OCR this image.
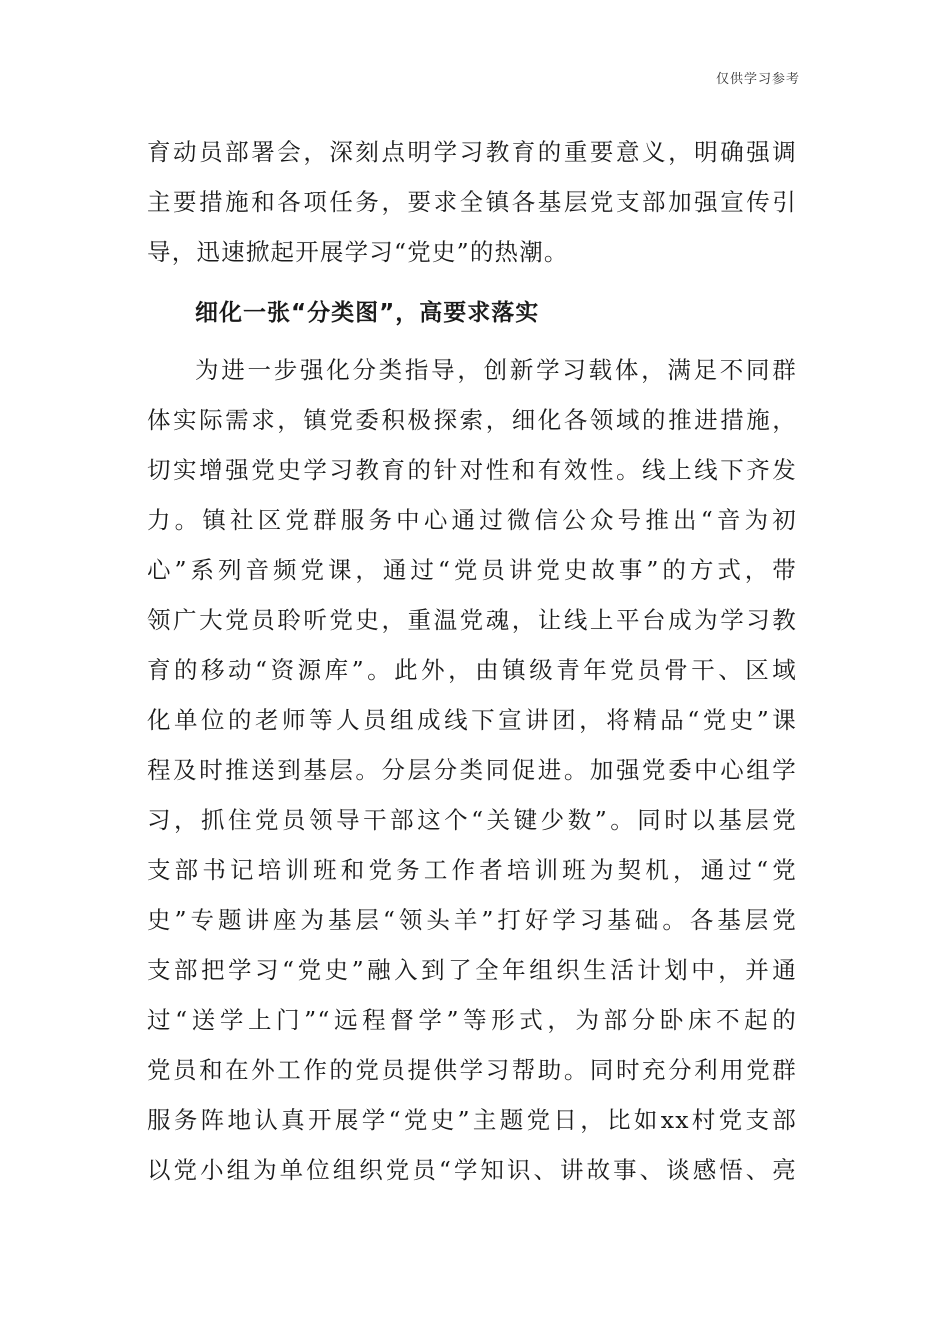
仅供学习参考
育动员部署会，深刻点明学习教育的重要意义，明确强调
主要措施和各项任务，要求全镇各基层党支部加强宣传引
导，迅速掀起开展学习“党史”的热潮。
细化一张“分类图”，高要求落实
为进一步强化分类指导，创新学习载体，满足不同群
体实际需求，镇党委积极探索，细化各领域的推进措施，
切实增强党史学习教育的针对性和有效性。线上线下齐发
力。镇社区党群服务中心通过微信公众号推出“音为初
心”系列音频党课，通过“党员讲党史故事”的方式，带
领广大党员聆听党史，重温党魂，让线上平台成为学习教
育的移动“资源库”。此外，由镇级青年党员骨干、区域
化单位的老师等人员组成线下宣讲团，将精品“党史”课
程及时推送到基层。分层分类同促进。加强党委中心组学
习，抓住党员领导干部这个“关键少数”。同时以基层党
支部书记培训班和党务工作者培训班为契机，通过“党
史”专题讲座为基层“领头羊”打好学习基础。各基层党
支部把学习“党史”融入到了全年组织生活计划中，并通
过“送学上门”“远程督学”等形式，为部分卧床不起的
党员和在外工作的党员提供学习帮助。同时充分利用党群
服务阵地认真开展学“党史”主题党日，比如xx村党支部
以党小组为单位组织党员“学知识、讲故事、谈感悟、亮
